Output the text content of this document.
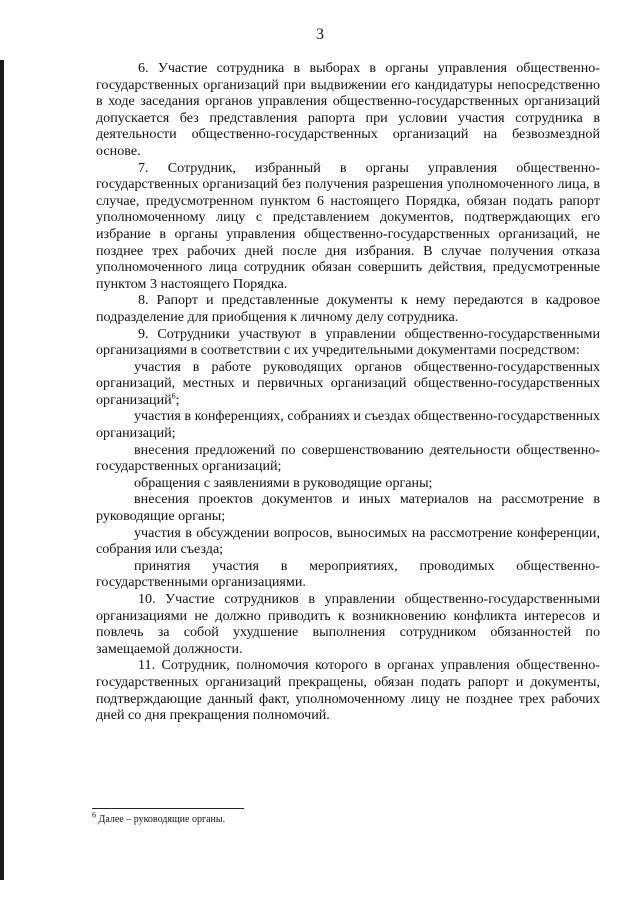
3

6. Участие сотрудника в выборах в органы управления общественно-государственных организаций при выдвижении его кандидатуры непосредственно в ходе заседания органов управления общественно-государственных организаций допускается без представления рапорта при условии участия сотрудника в деятельности общественно-государственных организаций на безвозмездной основе.

7. Сотрудник, избранный в органы управления общественно-государственных организаций без получения разрешения уполномоченного лица, в случае, предусмотренном пунктом 6 настоящего Порядка, обязан подать рапорт уполномоченному лицу с представлением документов, подтверждающих его избрание в органы управления общественно-государственных организаций, не позднее трех рабочих дней после дня избрания. В случае получения отказа уполномоченного лица сотрудник обязан совершить действия, предусмотренные пунктом 3 настоящего Порядка.

8. Рапорт и представленные документы к нему передаются в кадровое подразделение для приобщения к личному делу сотрудника.

9. Сотрудники участвуют в управлении общественно-государственными организациями в соответствии с их учредительными документами посредством:

участия в работе руководящих органов общественно-государственных организаций, местных и первичных организаций общественно-государственных организаций$^6$;

участия в конференциях, собраниях и съездах общественно-государственных организаций;

внесения предложений по совершенствованию деятельности общественно-государственных организаций;

обращения с заявлениями в руководящие органы;

внесения проектов документов и иных материалов на рассмотрение в руководящие органы;

участия в обсуждении вопросов, выносимых на рассмотрение конференции, собрания или съезда;

принятия участия в мероприятиях, проводимых общественно-государственными организациями.

10. Участие сотрудников в управлении общественно-государственными организациями не должно приводить к возникновению конфликта интересов и повлечь за собой ухудшение выполнения сотрудником обязанностей по замещаемой должности.

11. Сотрудник, полномочия которого в органах управления общественно-государственных организаций прекращены, обязан подать рапорт и документы, подтверждающие данный факт, уполномоченному лицу не позднее трех рабочих дней со дня прекращения полномочий.

$^6$ Далее – руководящие органы.
